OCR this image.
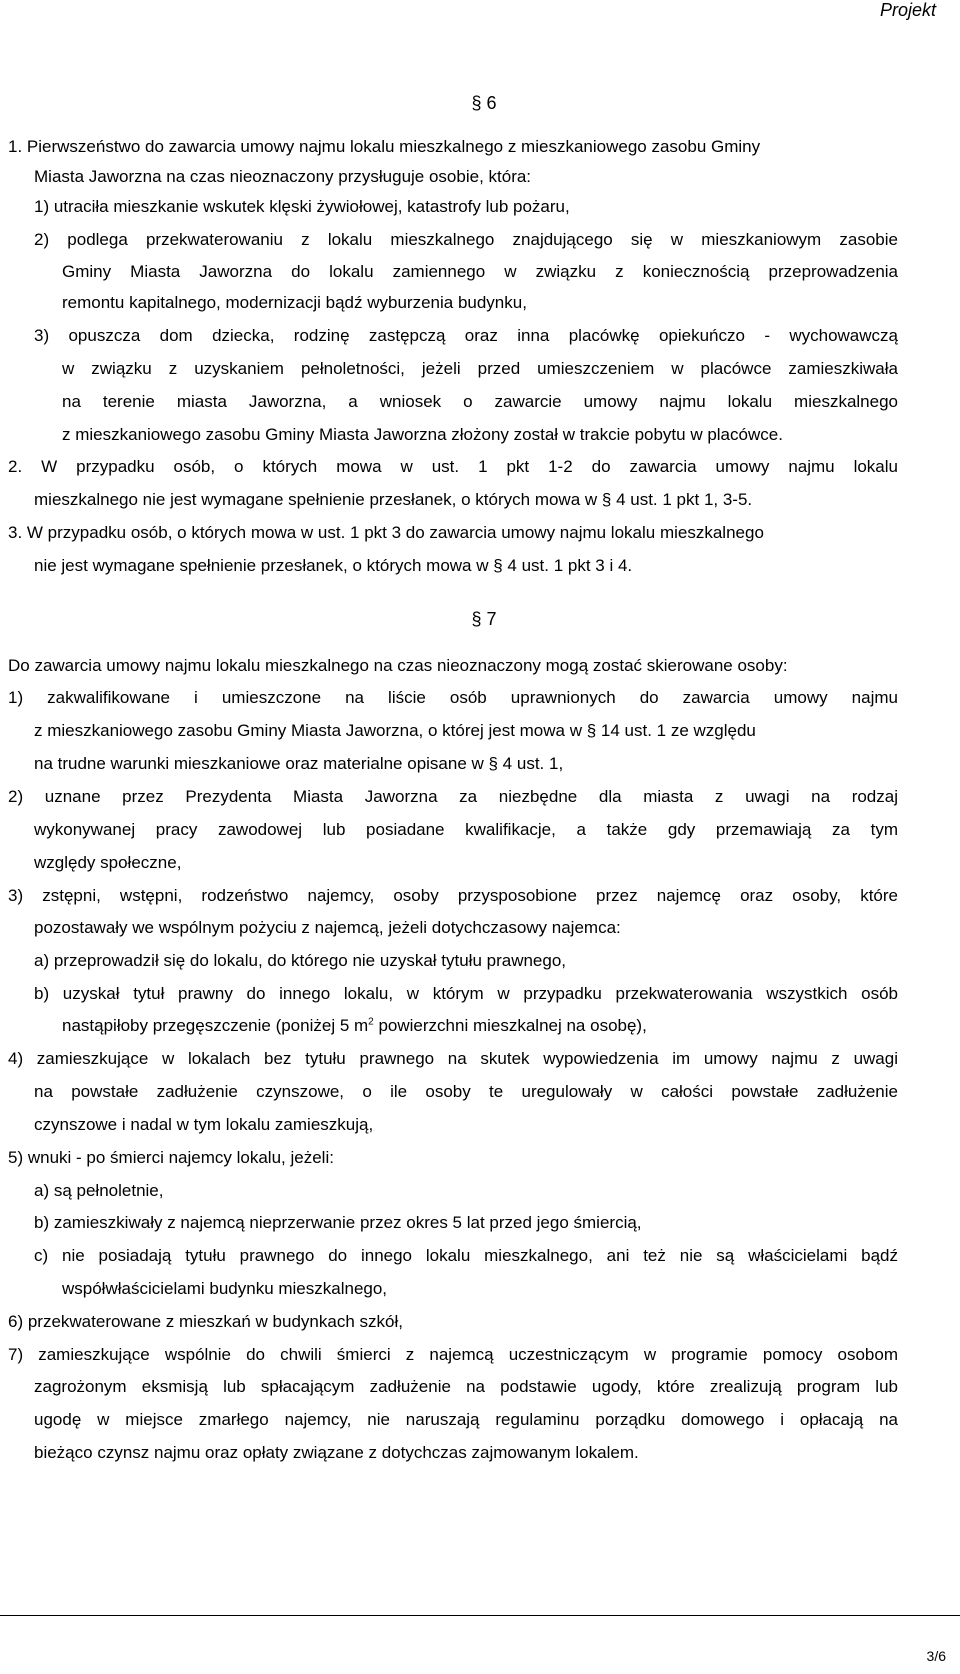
Projekt
§ 6
1. Pierwszeństwo do zawarcia umowy najmu lokalu mieszkalnego z mieszkaniowego zasobu Gminy
Miasta Jaworzna na czas nieoznaczony przysługuje osobie, która:
1) utraciła mieszkanie wskutek klęski żywiołowej, katastrofy lub pożaru,
2) podlega przekwaterowaniu z lokalu mieszkalnego znajdującego się w mieszkaniowym zasobie
Gminy Miasta Jaworzna do lokalu zamiennego w związku z koniecznością przeprowadzenia
remontu kapitalnego, modernizacji bądź wyburzenia budynku,
3) opuszcza dom dziecka, rodzinę zastępczą oraz inna placówkę opiekuńczo - wychowawczą
w związku z uzyskaniem pełnoletności, jeżeli przed umieszczeniem w placówce zamieszkiwała
na terenie miasta Jaworzna, a wniosek o zawarcie umowy najmu lokalu mieszkalnego
z mieszkaniowego zasobu Gminy Miasta Jaworzna złożony został w trakcie pobytu w placówce.
2. W przypadku osób, o których mowa w ust. 1 pkt 1-2 do zawarcia umowy najmu lokalu
mieszkalnego nie jest wymagane spełnienie przesłanek, o których mowa w § 4 ust. 1 pkt 1, 3-5.
3. W przypadku osób, o których mowa w ust. 1 pkt 3 do zawarcia umowy najmu lokalu mieszkalnego
nie jest wymagane spełnienie przesłanek, o których mowa w § 4 ust. 1 pkt 3 i 4.
§ 7
Do zawarcia umowy najmu lokalu mieszkalnego na czas nieoznaczony mogą zostać skierowane osoby:
1) zakwalifikowane i umieszczone na liście osób uprawnionych do zawarcia umowy najmu
z mieszkaniowego zasobu Gminy Miasta Jaworzna, o której jest mowa w § 14 ust. 1 ze względu
na trudne warunki mieszkaniowe oraz materialne opisane w § 4 ust. 1,
2) uznane przez Prezydenta Miasta Jaworzna za niezbędne dla miasta z uwagi na rodzaj
wykonywanej pracy zawodowej lub posiadane kwalifikacje, a także gdy przemawiają za tym
względy społeczne,
3) zstępni, wstępni, rodzeństwo najemcy, osoby przysposobione przez najemcę oraz osoby, które
pozostawały we wspólnym pożyciu z najemcą, jeżeli dotychczasowy najemca:
a) przeprowadził się do lokalu, do którego nie uzyskał tytułu prawnego,
b) uzyskał tytuł prawny do innego lokalu, w którym w przypadku przekwaterowania wszystkich osób
nastąpiłoby przegęszczenie (poniżej 5 $m^2$ powierzchni mieszkalnej na osobę),
4) zamieszkujące w lokalach bez tytułu prawnego na skutek wypowiedzenia im umowy najmu z uwagi
na powstałe zadłużenie czynszowe, o ile osoby te uregulowały w całości powstałe zadłużenie
czynszowe i nadal w tym lokalu zamieszkują,
5) wnuki - po śmierci najemcy lokalu, jeżeli:
a) są pełnoletnie,
b) zamieszkiwały z najemcą nieprzerwanie przez okres 5 lat przed jego śmiercią,
c) nie posiadają tytułu prawnego do innego lokalu mieszkalnego, ani też nie są właścicielami bądź
współwłaścicielami budynku mieszkalnego,
6) przekwaterowane z mieszkań w budynkach szkół,
7) zamieszkujące wspólnie do chwili śmierci z najemcą uczestniczącym w programie pomocy osobom
zagrożonym eksmisją lub spłacającym zadłużenie na podstawie ugody, które zrealizują program lub
ugodę w miejsce zmarłego najemcy, nie naruszają regulaminu porządku domowego i opłacają na
bieżąco czynsz najmu oraz opłaty związane z dotychczas zajmowanym lokalem.
3/6
